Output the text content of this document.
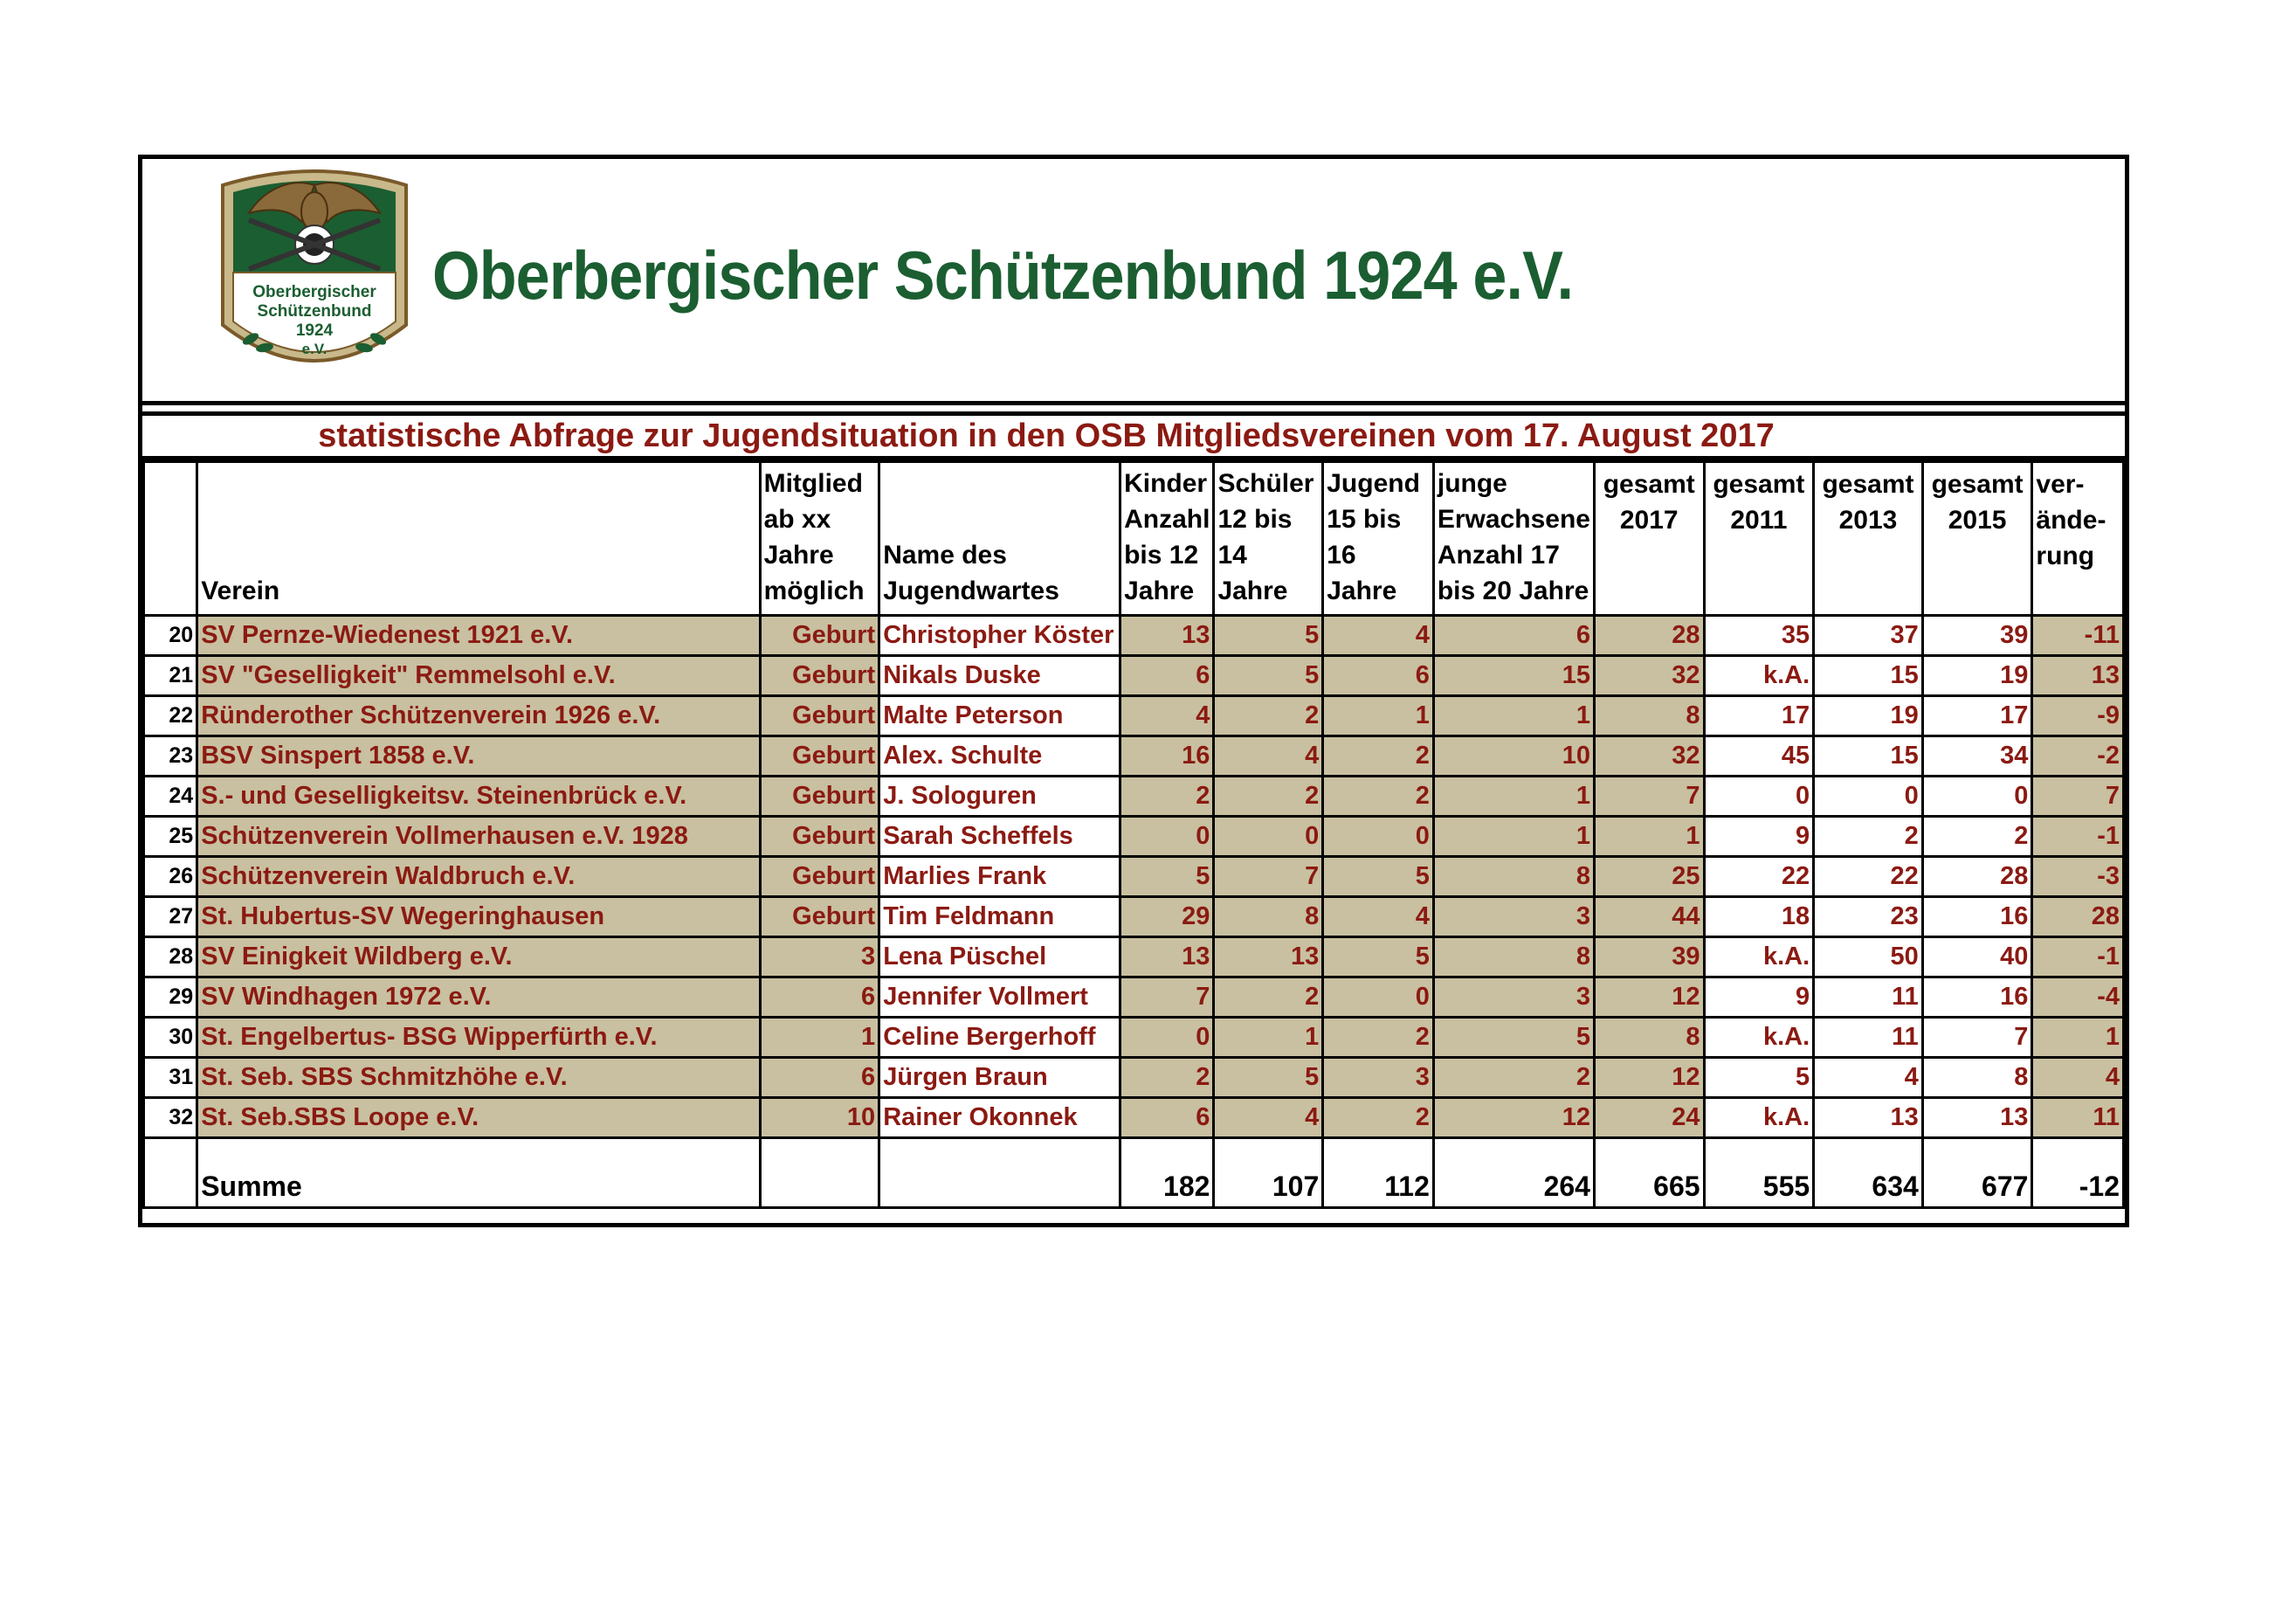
Oberbergischer
Schützenbund
1924
e.V.
Oberbergischer Schützenbund 1924 e.V.
statistische Abfrage zur Jugendsituation in den OSB Mitgliedsvereinen vom 17. August 2017
	Verein	Mitglied ab xx Jahre möglich	Name des Jugendwartes	Kinder Anzahl bis 12 Jahre	Schüler 12 bis 14 Jahre	Jugend 15 bis 16 Jahre	junge Erwachsene Anzahl 17 bis 20 Jahre	gesamt 2017	gesamt 2011	gesamt 2013	gesamt 2015	ver-ände-rung
20	SV Pernze-Wiedenest 1921 e.V.	Geburt	Christopher Köster	13	5	4	6	28	35	37	39	-11
21	SV "Geselligkeit" Remmelsohl e.V.	Geburt	Nikals Duske	6	5	6	15	32	k.A.	15	19	13
22	Ründerother Schützenverein 1926 e.V.	Geburt	Malte Peterson	4	2	1	1	8	17	19	17	-9
23	BSV Sinspert 1858 e.V.	Geburt	Alex. Schulte	16	4	2	10	32	45	15	34	-2
24	S.- und Geselligkeitsv. Steinenbrück e.V.	Geburt	J. Sologuren	2	2	2	1	7	0	0	0	7
25	Schützenverein Vollmerhausen e.V. 1928	Geburt	Sarah Scheffels	0	0	0	1	1	9	2	2	-1
26	Schützenverein Waldbruch e.V.	Geburt	Marlies Frank	5	7	5	8	25	22	22	28	-3
27	St. Hubertus-SV Wegeringhausen	Geburt	Tim Feldmann	29	8	4	3	44	18	23	16	28
28	SV Einigkeit Wildberg e.V.	3	Lena Püschel	13	13	5	8	39	k.A.	50	40	-1
29	SV Windhagen 1972 e.V.	6	Jennifer Vollmert	7	2	0	3	12	9	11	16	-4
30	St. Engelbertus- BSG Wipperfürth e.V.	1	Celine Bergerhoff	0	1	2	5	8	k.A.	11	7	1
31	St. Seb. SBS Schmitzhöhe e.V.	6	Jürgen Braun	2	5	3	2	12	5	4	8	4
32	St. Seb.SBS Loope e.V.	10	Rainer Okonnek	6	4	2	12	24	k.A.	13	13	11
	Summe			182	107	112	264	665	555	634	677	-12
